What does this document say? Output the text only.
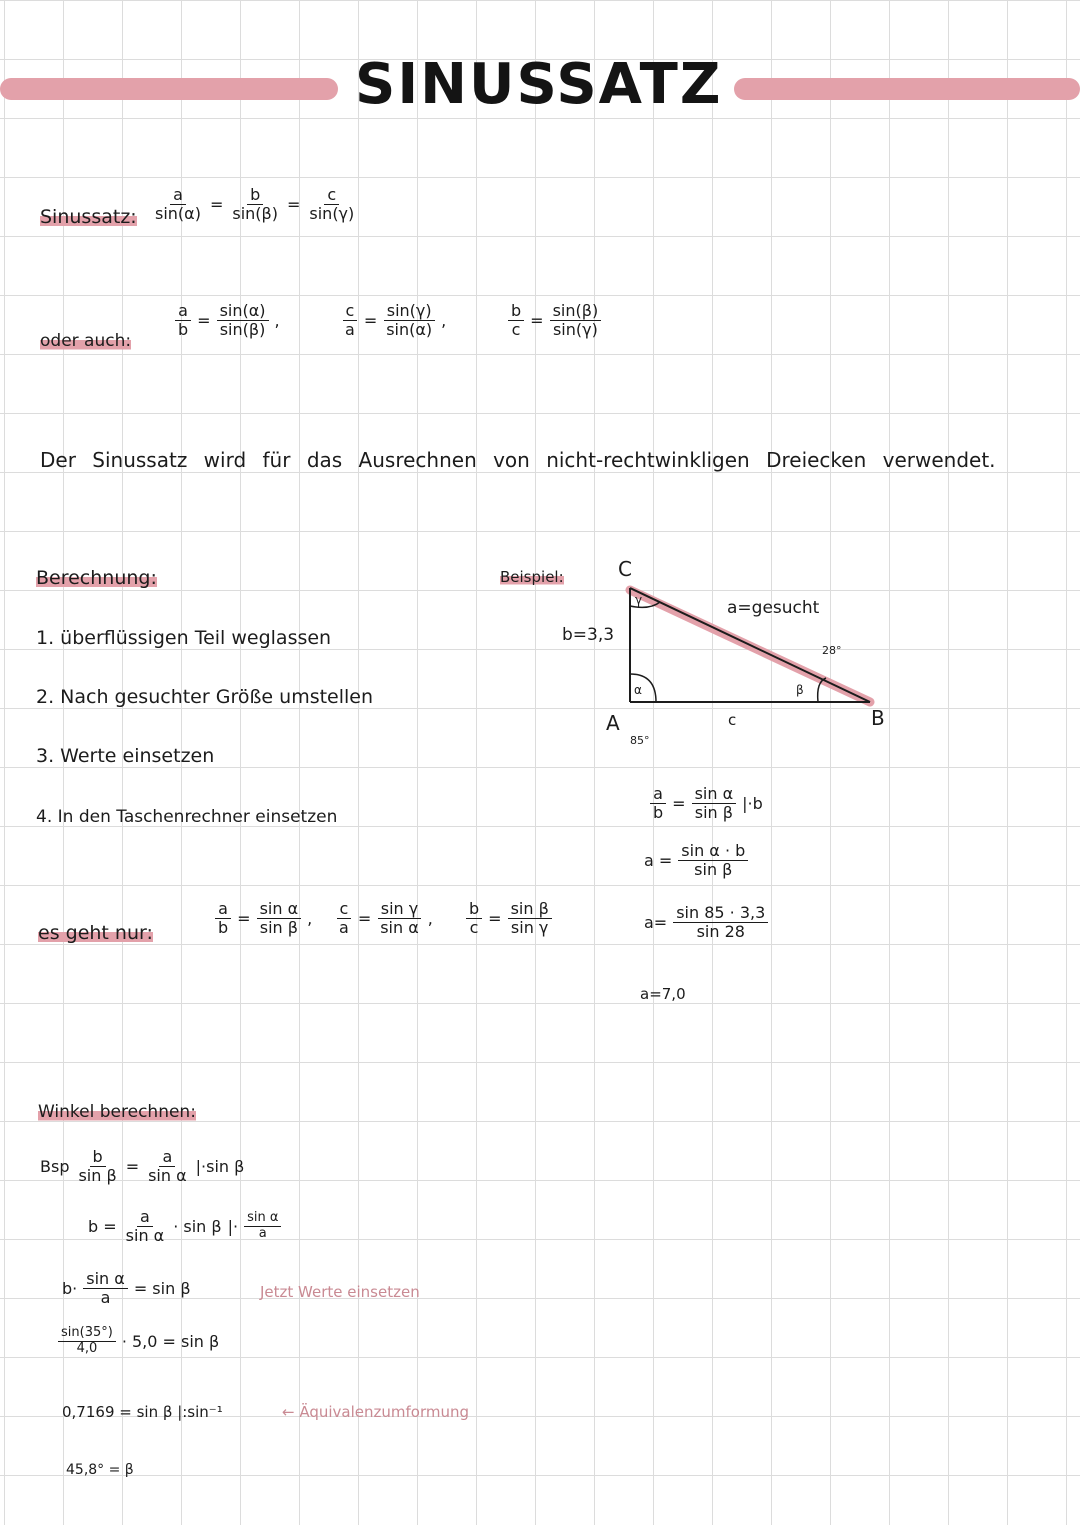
SINUSSATZ
Sinussatz: $\frac{a}{\sin(\alpha)} = \frac{b}{\sin(\beta)} = \frac{c}{\sin(\gamma)}$
oder auch:
$\frac{a}{b} = \frac{\sin(\alpha)}{\sin(\beta)}$ ,	$\frac{c}{a} = \frac{\sin(\gamma)}{\sin(\alpha)}$ ,	$\frac{b}{c} = \frac{\sin(\beta)}{\sin(\gamma)}$
Der Sinussatz wird für das Ausrechnen von nicht-rechtwinkligen Dreiecken verwendet.
Berechnung:
1. überflüssigen Teil weglassen
2. Nach gesuchter Größe umstellen
3. Werte einsetzen
4. In den Taschenrechner einsetzen
es geht nur:	$\frac{a}{b} = \frac{\text{sin α}}{\text{sin β}}$ , $\frac{c}{a} = \frac{\text{sin γ}}{\text{sin α}}$ , $\frac{b}{c} = \frac{\text{sin β}}{\text{sin γ}}$
Beispiel:	C
A	B
γ
α	β
85°
28°
c
b=3,3
a=gesucht
$\frac{a}{b} = \frac{\text{sin α}}{\text{sin β}} |\cdot b$
$a = \frac{\text{sin α · b}}{\text{sin β}}$
$a= \frac{\sin 85 \cdot 3,3}{\sin 28}$
a=7,0
Winkel berechnen:
Bsp $\frac{b}{\text{sin β}} = \frac{a}{\text{sin α}} |\cdot\sin$ β
$b = \frac{a}{\text{sin α}} \cdot \sin \beta$ |· $\frac{\text{sin α}}{a}$
$b\cdot \frac{\text{sin α}}{a} = \sin \beta$	Jetzt Werte einsetzen
$\frac{\sin(35^\circ)}{4,0} \cdot 5,0 = \sin \beta$
0,7169 = sin β |:sin⁻¹	← Äquivalenzumformung
45,8° = β
